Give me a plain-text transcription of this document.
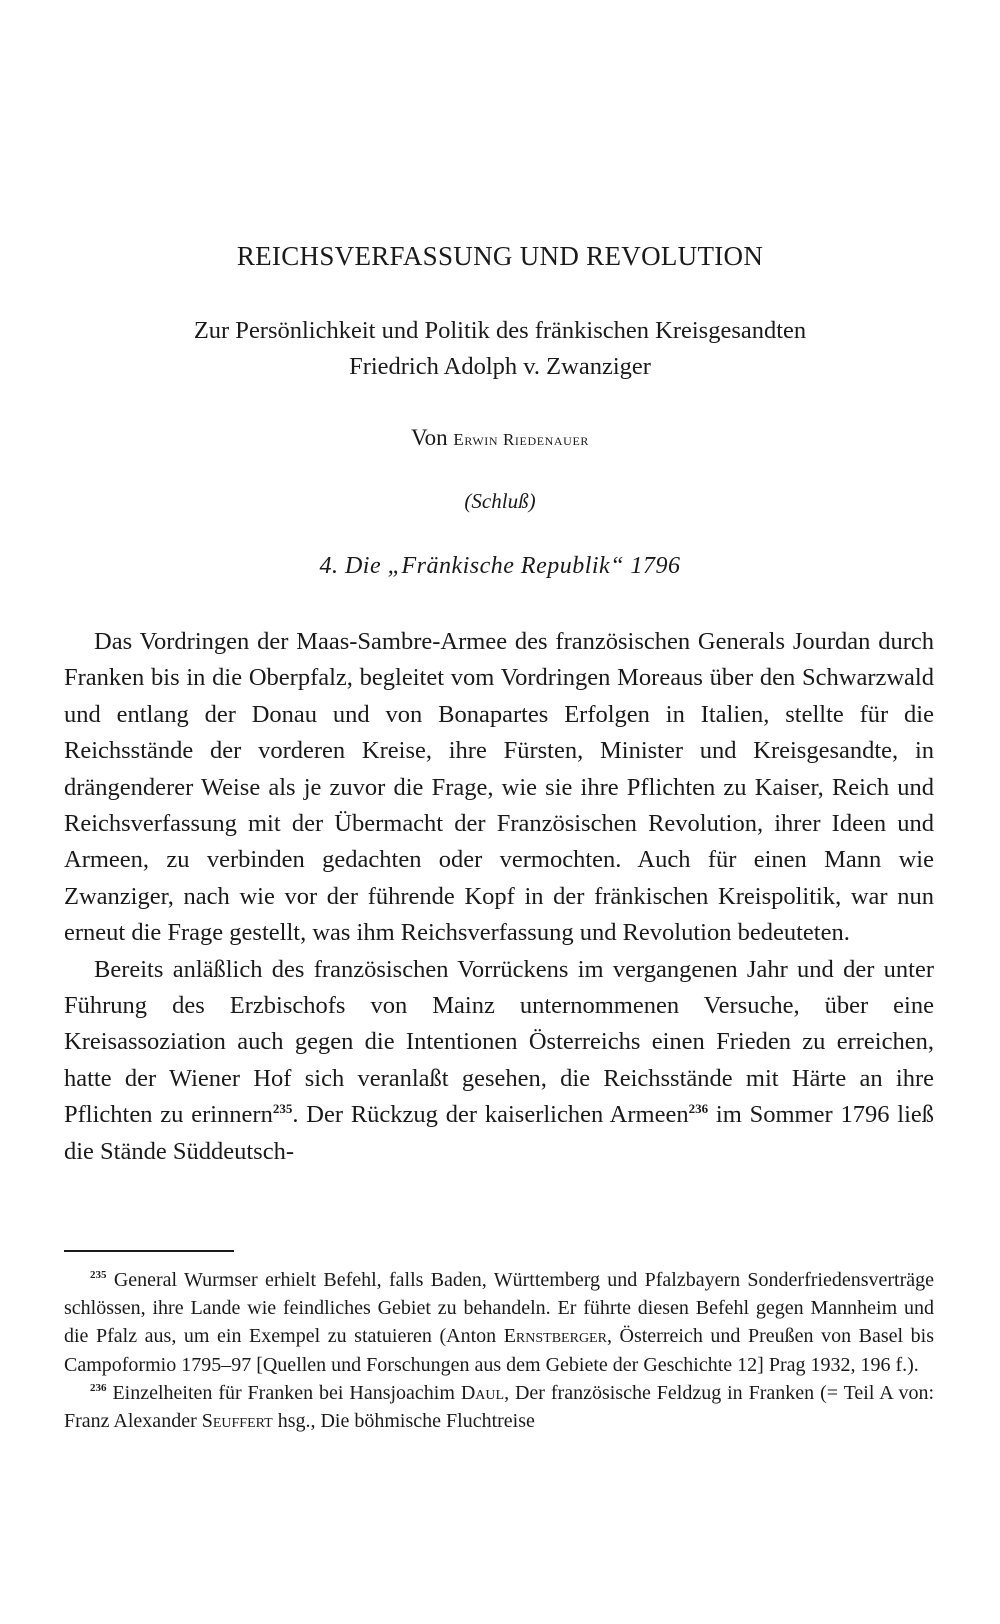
REICHSVERFASSUNG UND REVOLUTION
Zur Persönlichkeit und Politik des fränkischen Kreisgesandten
Friedrich Adolph v. Zwanziger
Von Erwin Riedenauer
(Schluß)
4. Die „Fränkische Republik“ 1796

Das Vordringen der Maas-Sambre-Armee des französischen Generals Jourdan durch Franken bis in die Oberpfalz, begleitet vom Vordringen Moreaus über den Schwarzwald und entlang der Donau und von Bonapartes Erfolgen in Italien, stellte für die Reichsstände der vorderen Kreise, ihre Fürsten, Minister und Kreisgesandte, in drängenderer Weise als je zuvor die Frage, wie sie ihre Pflichten zu Kaiser, Reich und Reichsverfassung mit der Übermacht der Französischen Revolution, ihrer Ideen und Armeen, zu verbinden gedachten oder vermochten. Auch für einen Mann wie Zwanziger, nach wie vor der führende Kopf in der fränkischen Kreispolitik, war nun erneut die Frage gestellt, was ihm Reichsverfassung und Revolution bedeuteten.

Bereits anläßlich des französischen Vorrückens im vergangenen Jahr und der unter Führung des Erzbischofs von Mainz unternommenen Versuche, über eine Kreisassoziation auch gegen die Intentionen Österreichs einen Frieden zu erreichen, hatte der Wiener Hof sich veranlaßt gesehen, die Reichsstände mit Härte an ihre Pflichten zu erinnern$^{235}$. Der Rückzug der kaiserlichen Armeen$^{236}$ im Sommer 1796 ließ die Stände Süddeutsch-

$^{235}$ General Wurmser erhielt Befehl, falls Baden, Württemberg und Pfalzbayern Sonderfriedensverträge schlössen, ihre Lande wie feindliches Gebiet zu behandeln. Er führte diesen Befehl gegen Mannheim und die Pfalz aus, um ein Exempel zu statuieren (Anton Ernstberger, Österreich und Preußen von Basel bis Campoformio 1795–97 [Quellen und Forschungen aus dem Gebiete der Geschichte 12] Prag 1932, 196 f.).

$^{236}$ Einzelheiten für Franken bei Hansjoachim Daul, Der französische Feldzug in Franken (= Teil A von: Franz Alexander Seuffert hsg., Die böhmische Fluchtreise
